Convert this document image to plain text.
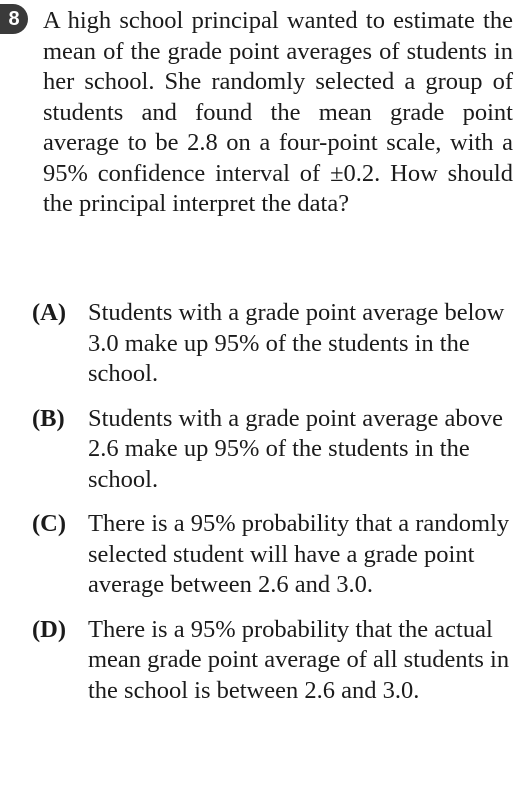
8 A high school principal wanted to estimate the mean of the grade point averages of students in her school. She randomly selected a group of students and found the mean grade point average to be 2.8 on a four-point scale, with a 95% confidence interval of ±0.2. How should the principal interpret the data?

(A) Students with a grade point average below 3.0 make up 95% of the students in the school.
(B) Students with a grade point average above 2.6 make up 95% of the students in the school.
(C) There is a 95% probability that a randomly selected student will have a grade point average between 2.6 and 3.0.
(D) There is a 95% probability that the actual mean grade point average of all students in the school is between 2.6 and 3.0.
